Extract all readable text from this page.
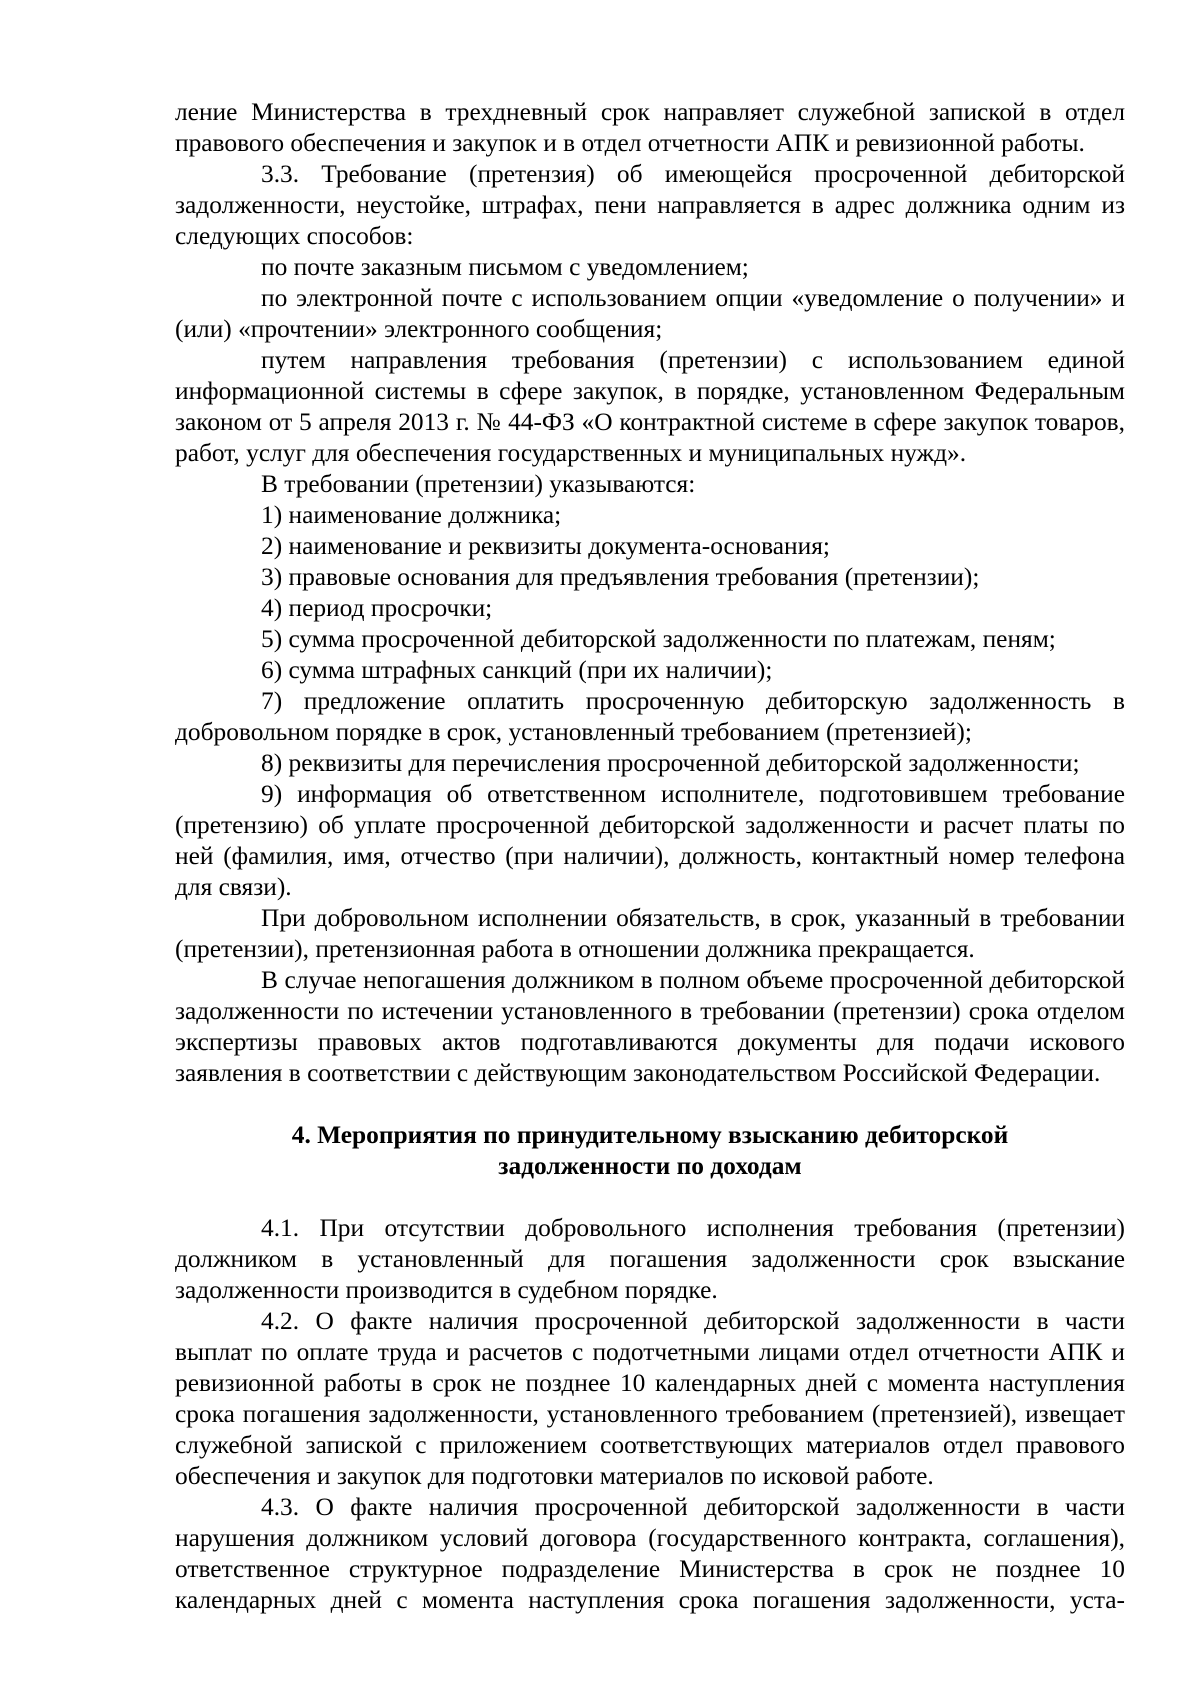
ление Министерства в трехдневный срок направляет служебной запиской в отдел правового обеспечения и закупок и в отдел отчетности АПК и ревизионной работы.

3.3. Требование (претензия) об имеющейся просроченной дебиторской задолженности, неустойке, штрафах, пени направляется в адрес должника одним из следующих способов:

по почте заказным письмом с уведомлением;

по электронной почте с использованием опции «уведомление о получении» и (или) «прочтении» электронного сообщения;

путем направления требования (претензии) с использованием единой информационной системы в сфере закупок, в порядке, установленном Федеральным законом от 5 апреля 2013 г. № 44-ФЗ «О контрактной системе в сфере закупок товаров, работ, услуг для обеспечения государственных и муниципальных нужд».

В требовании (претензии) указываются:

1) наименование должника;

2) наименование и реквизиты документа-основания;

3) правовые основания для предъявления требования (претензии);

4) период просрочки;

5) сумма просроченной дебиторской задолженности по платежам, пеням;

6) сумма штрафных санкций (при их наличии);

7) предложение оплатить просроченную дебиторскую задолженность в добровольном порядке в срок, установленный требованием (претензией);

8) реквизиты для перечисления просроченной дебиторской задолженности;

9) информация об ответственном исполнителе, подготовившем требование (претензию) об уплате просроченной дебиторской задолженности и расчет платы по ней (фамилия, имя, отчество (при наличии), должность, контактный номер телефона для связи).

При добровольном исполнении обязательств, в срок, указанный в требовании (претензии), претензионная работа в отношении должника прекращается.

В случае непогашения должником в полном объеме просроченной дебиторской задолженности по истечении установленного в требовании (претензии) срока отделом экспертизы правовых актов подготавливаются документы для подачи искового заявления в соответствии с действующим законодательством Российской Федерации.

4. Мероприятия по принудительному взысканию дебиторской
задолженности по доходам

4.1. При отсутствии добровольного исполнения требования (претензии) должником в установленный для погашения задолженности срок взыскание задолженности производится в судебном порядке.

4.2. О факте наличия просроченной дебиторской задолженности в части выплат по оплате труда и расчетов с подотчетными лицами отдел отчетности АПК и ревизионной работы в срок не позднее 10 календарных дней с момента наступления срока погашения задолженности, установленного требованием (претензией), извещает служебной запиской с приложением соответствующих материалов отдел правового обеспечения и закупок для подготовки материалов по исковой работе.

4.3. О факте наличия просроченной дебиторской задолженности в части нарушения должником условий договора (государственного контракта, соглашения), ответственное структурное подразделение Министерства в срок не позднее 10 календарных дней с момента наступления срока погашения задолженности, уста-
